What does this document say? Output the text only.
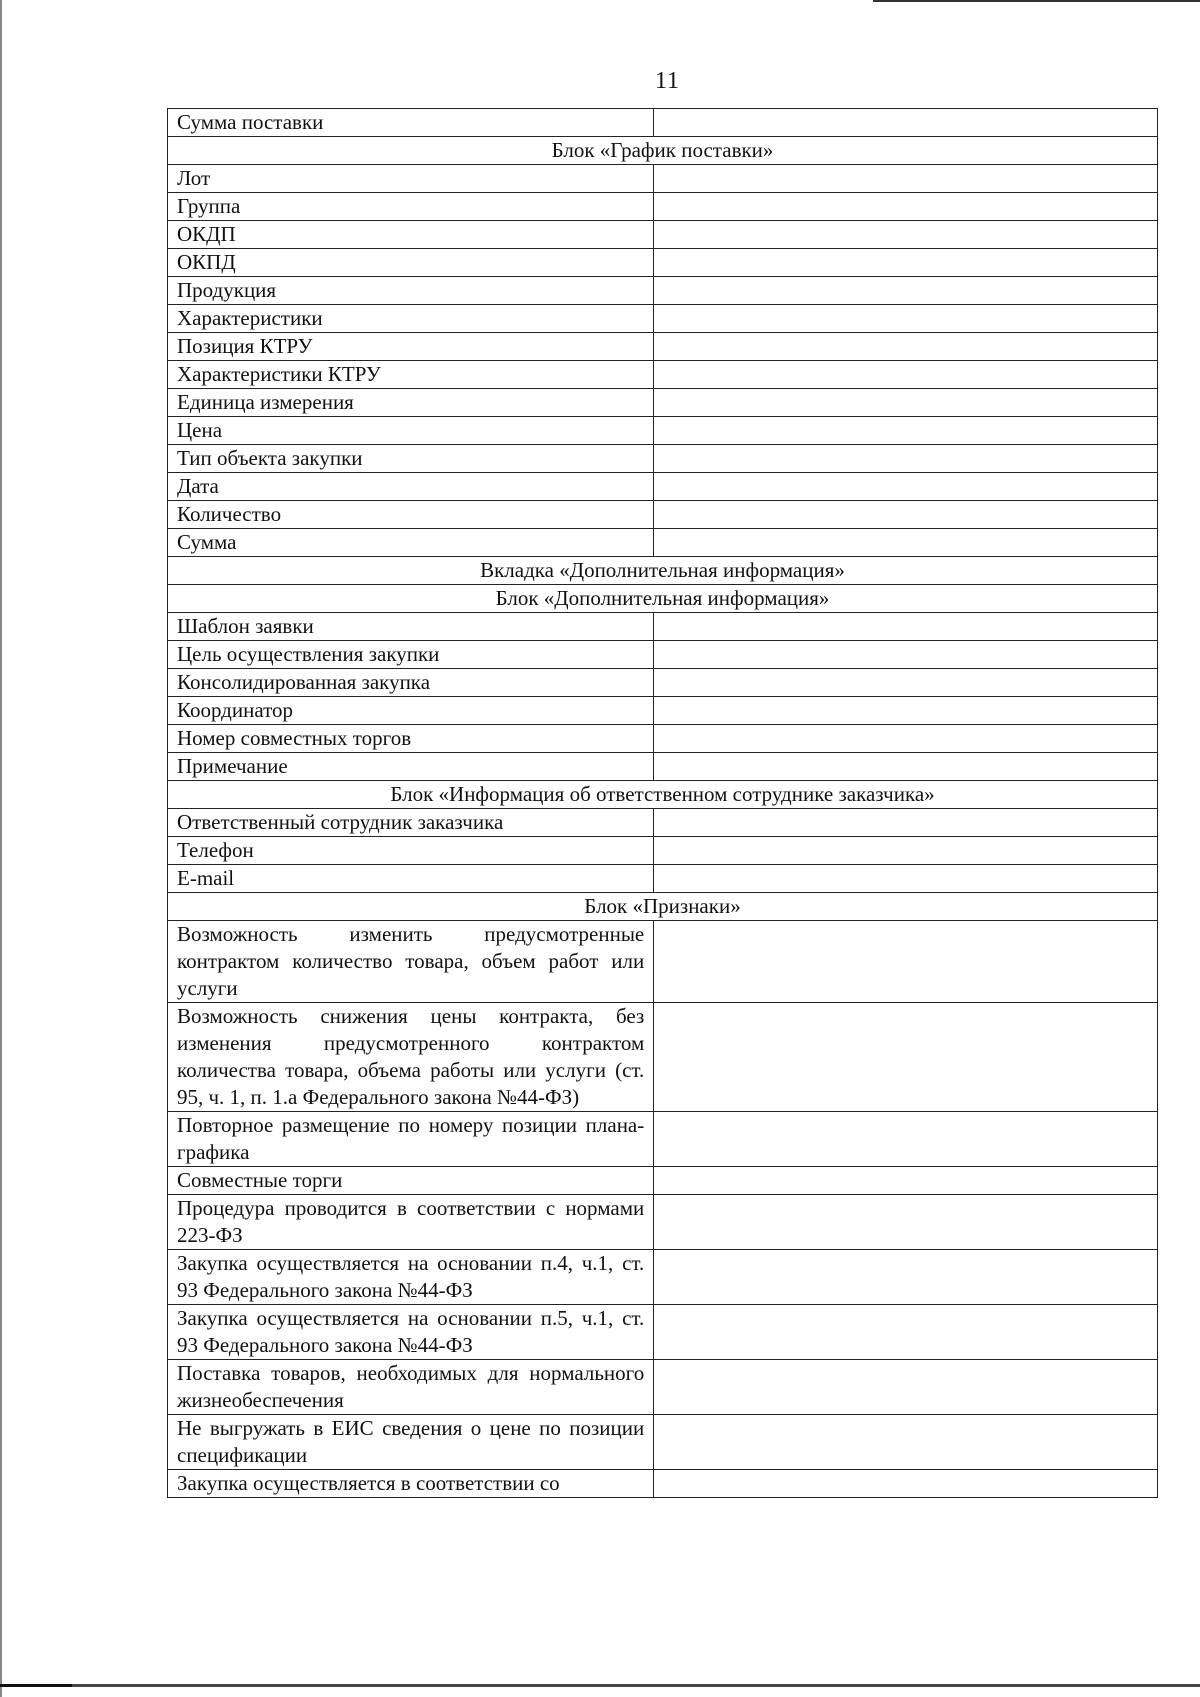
11
Сумма поставки	
Блок «График поставки»	
Лот	
Группа	
ОКДП	
ОКПД	
Продукция	
Характеристики	
Позиция КТРУ	
Характеристики КТРУ	
Единица измерения	
Цена	
Тип объекта закупки	
Дата	
Количество	
Сумма	
Вкладка «Дополнительная информация»	
Блок «Дополнительная информация»	
Шаблон заявки	
Цель осуществления закупки	
Консолидированная закупка	
Координатор	
Номер совместных торгов	
Примечание	
Блок «Информация об ответственном сотруднике заказчика»	
Ответственный сотрудник заказчика	
Телефон	
E-mail	
Блок «Признаки»	
Возможность изменить предусмотренные контрактом количество товара, объем работ или услуги	
Возможность снижения цены контракта, без изменения предусмотренного контрактом количества товара, объема работы или услуги (ст. 95, ч. 1, п. 1.а Федерального закона №44-ФЗ)	
Повторное размещение по номеру позиции плана-графика	
Совместные торги	
Процедура проводится в соответствии с нормами 223-ФЗ	
Закупка осуществляется на основании п.4, ч.1, ст. 93 Федерального закона №44-ФЗ	
Закупка осуществляется на основании п.5, ч.1, ст. 93 Федерального закона №44-ФЗ	
Поставка товаров, необходимых для нормального жизнеобеспечения	
Не выгружать в ЕИС сведения о цене по позиции спецификации	
Закупка осуществляется в соответствии со	
